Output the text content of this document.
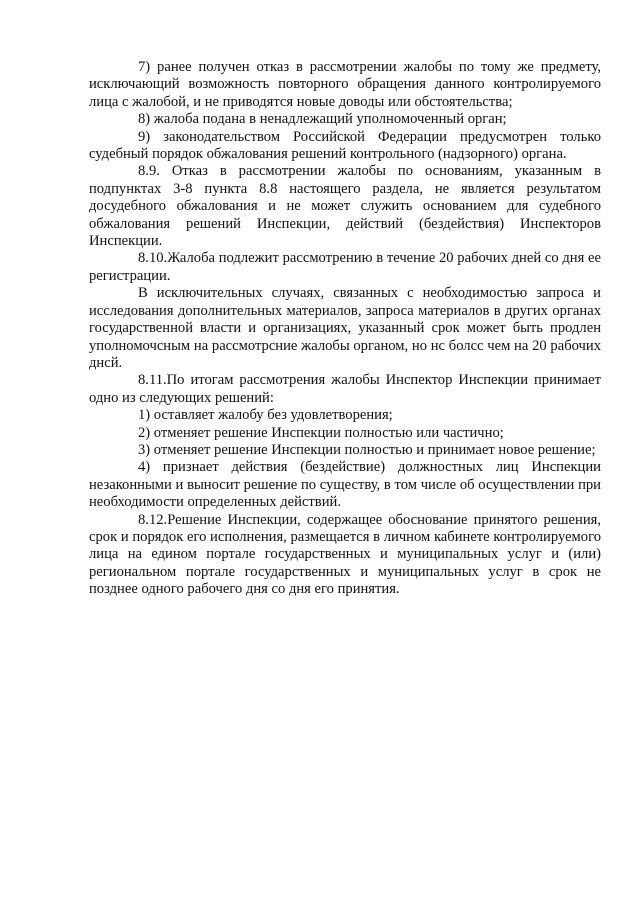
7) ранее получен отказ в рассмотрении жалобы по тому же предмету, исключающий возможность повторного обращения данного контролируемого лица с жалобой, и не приводятся новые доводы или обстоятельства;

8) жалоба подана в ненадлежащий уполномоченный орган;

9) законодательством Российской Федерации предусмотрен только судебный порядок обжалования решений контрольного (надзорного) органа.

8.9. Отказ в рассмотрении жалобы по основаниям, указанным в подпунктах 3-8 пункта 8.8 настоящего раздела, не является результатом досудебного обжалования и не может служить основанием для судебного обжалования решений Инспекции, действий (бездействия) Инспекторов Инспекции.

8.10.Жалоба подлежит рассмотрению в течение 20 рабочих дней со дня ее регистрации.

В исключительных случаях, связанных с необходимостью запроса и исследования дополнительных материалов, запроса материалов в других органах государственной власти и организациях, указанный срок может быть продлен уполномочсным на рассмотрсние жалобы органом, но нс болсс чем на 20 рабочих днсй.

8.11.По итогам рассмотрения жалобы Инспектор Инспекции принимает одно из следующих решений:

1) оставляет жалобу без удовлетворения;

2) отменяет решение Инспекции полностью или частично;

3) отменяет решение Инспекции полностью и принимает новое решение;

4) признает действия (бездействие) должностных лиц Инспекции незаконными и выносит решение по существу, в том числе об осуществлении при необходимости определенных действий.

8.12.Решение Инспекции, содержащее обоснование принятого решения, срок и порядок его исполнения, размещается в личном кабинете контролируемого лица на едином портале государственных и муниципальных услуг и (или) региональном портале государственных и муниципальных услуг в срок не позднее одного рабочего дня со дня его принятия.
